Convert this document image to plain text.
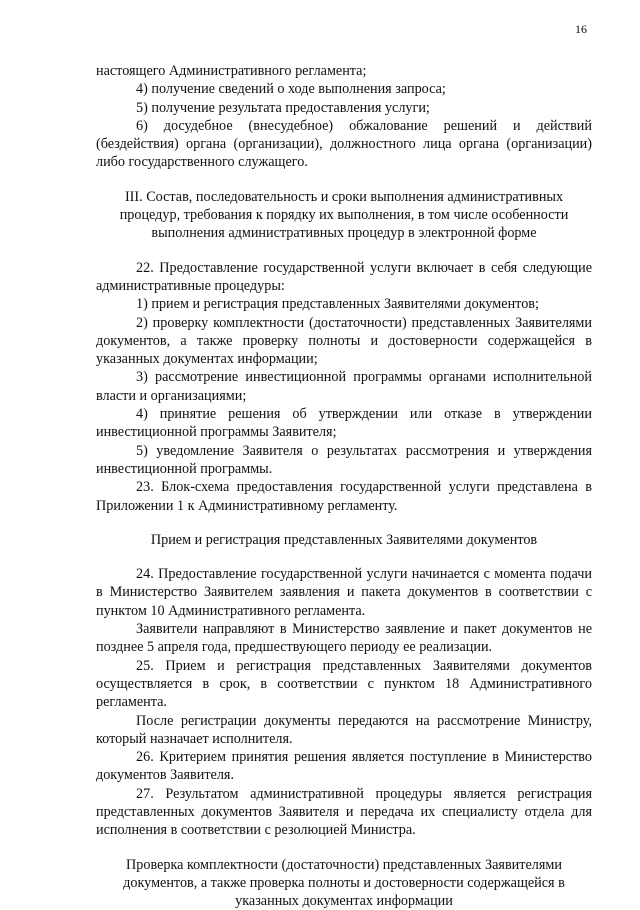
16

настоящего Административного регламента;

4) получение сведений о ходе выполнения запроса;

5) получение результата предоставления услуги;

6) досудебное (внесудебное) обжалование решений и действий (бездействия) органа (организации), должностного лица органа (организации) либо государственного служащего.

III. Состав, последовательность и сроки выполнения административных процедур, требования к порядку их выполнения, в том числе особенности выполнения административных процедур в электронной форме

22. Предоставление государственной услуги включает в себя следующие административные процедуры:

1) прием и регистрация представленных Заявителями документов;

2) проверку комплектности (достаточности) представленных Заявителями документов, а также проверку полноты и достоверности содержащейся в указанных документах информации;

3) рассмотрение инвестиционной программы органами исполнительной власти и организациями;

4) принятие решения об утверждении или отказе в утверждении инвестиционной программы Заявителя;

5) уведомление Заявителя о результатах рассмотрения и утверждения инвестиционной программы.

23. Блок-схема предоставления государственной услуги представлена в Приложении 1 к Административному регламенту.

Прием и регистрация представленных Заявителями документов

24. Предоставление государственной услуги начинается с момента подачи в Министерство Заявителем заявления и пакета документов в соответствии с пунктом 10 Административного регламента.

Заявители направляют в Министерство заявление и пакет документов не позднее 5 апреля года, предшествующего периоду ее реализации.

25. Прием и регистрация представленных Заявителями документов осуществляется в срок, в соответствии с пунктом 18 Административного регламента.

После регистрации документы передаются на рассмотрение Министру, который назначает исполнителя.

26. Критерием принятия решения является поступление в Министерство документов Заявителя.

27. Результатом административной процедуры является регистрация представленных документов Заявителя и передача их специалисту отдела для исполнения в соответствии с резолюцией Министра.

Проверка комплектности (достаточности) представленных Заявителями документов, а также проверка полноты и достоверности содержащейся в указанных документах информации
